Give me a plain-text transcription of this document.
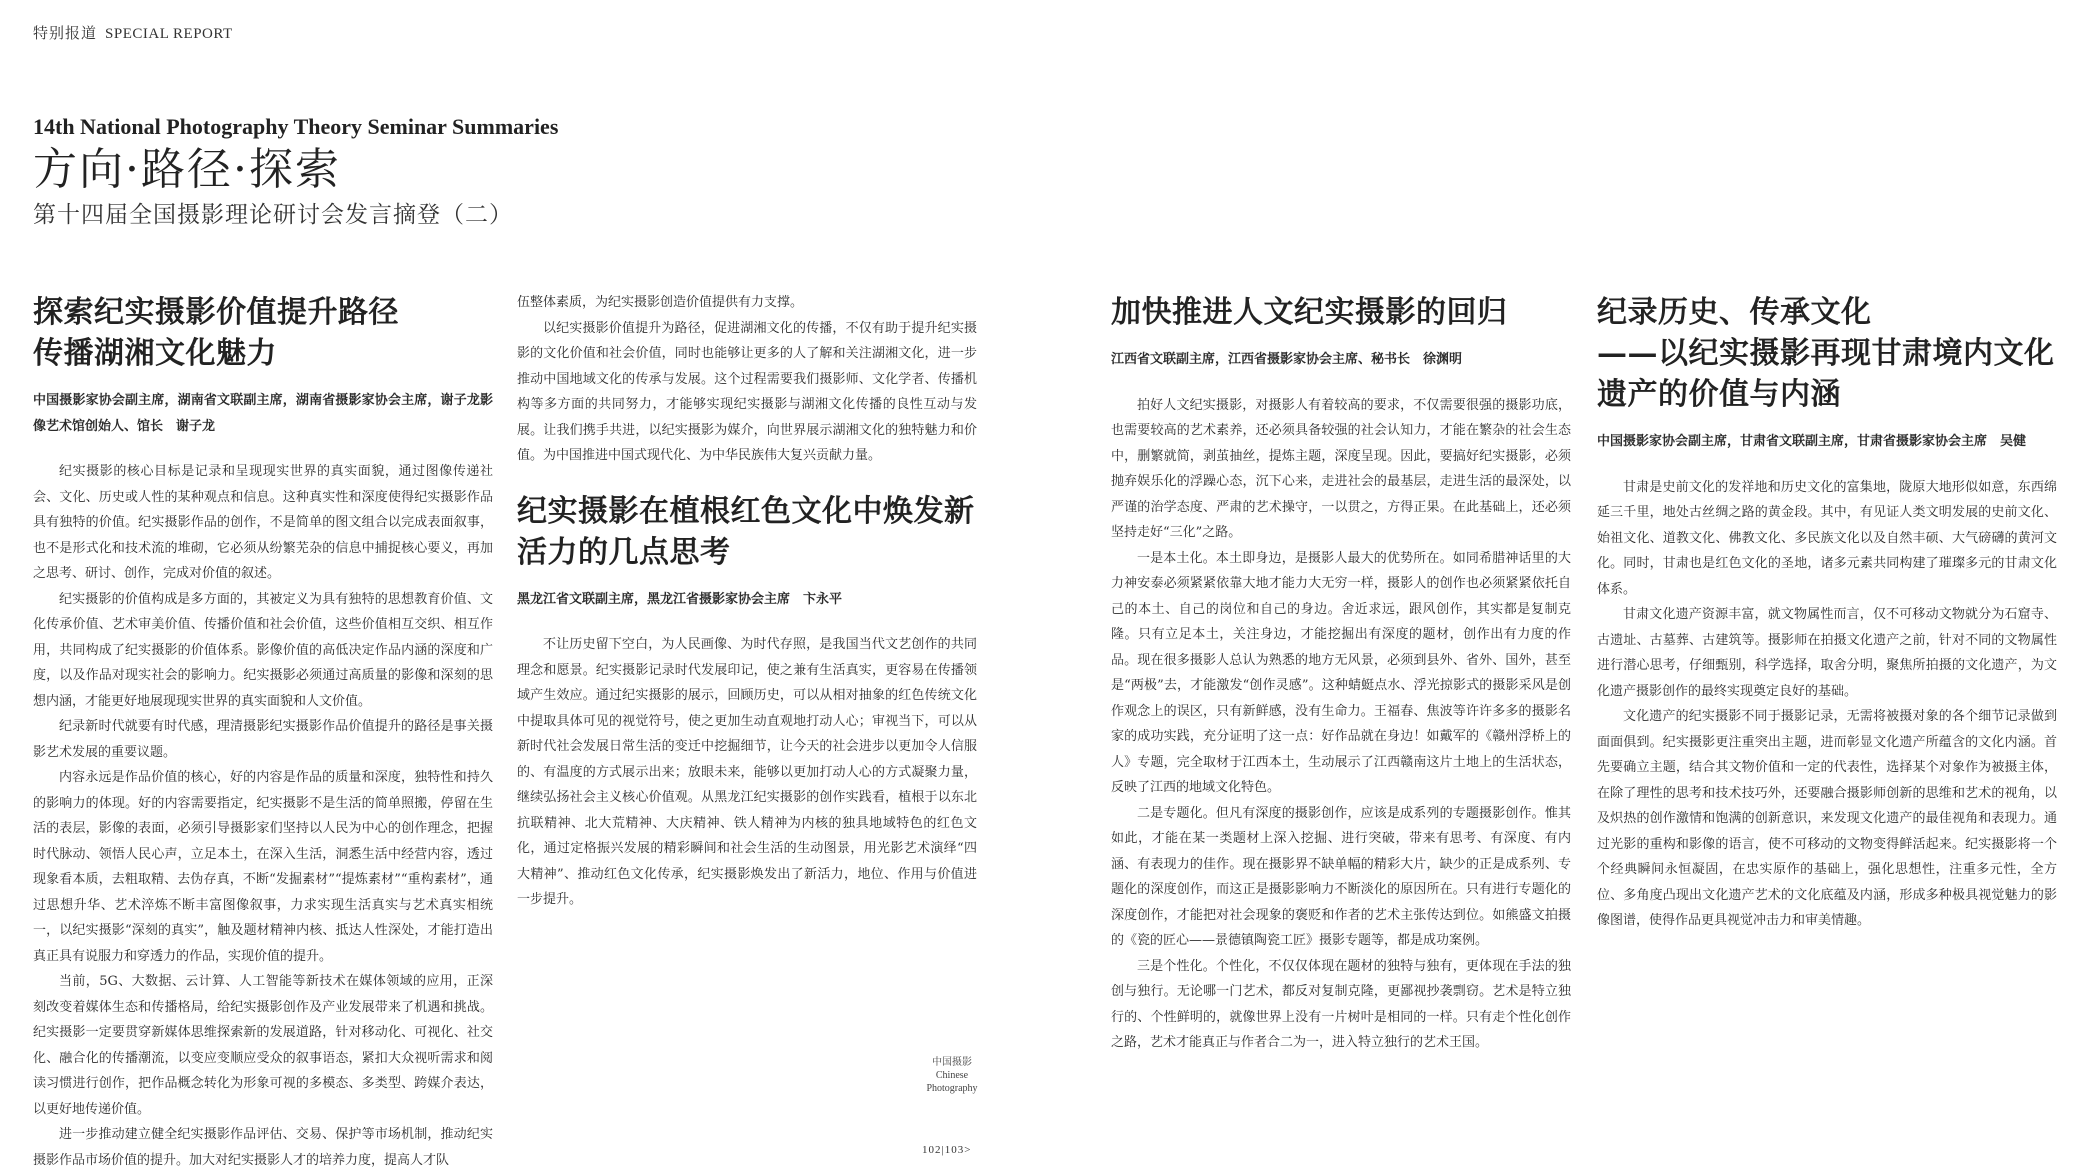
特别报道 SPECIAL REPORT
14th National Photography Theory Seminar Summaries
方向·路径·探索
第十四届全国摄影理论研讨会发言摘登（二）
探索纪实摄影价值提升路径
传播湖湘文化魅力
中国摄影家协会副主席，湖南省文联副主席，湖南省摄影家协会主席，谢子龙影像艺术馆创始人、馆长　谢子龙

纪实摄影的核心目标是记录和呈现现实世界的真实面貌，通过图像传递社会、文化、历史或人性的某种观点和信息。这种真实性和深度使得纪实摄影作品具有独特的价值。纪实摄影作品的创作，不是简单的图文组合以完成表面叙事，也不是形式化和技术流的堆砌，它必须从纷繁芜杂的信息中捕捉核心要义，再加之思考、研讨、创作，完成对价值的叙述。

纪实摄影的价值构成是多方面的，其被定义为具有独特的思想教育价值、文化传承价值、艺术审美价值、传播价值和社会价值，这些价值相互交织、相互作用，共同构成了纪实摄影的价值体系。影像价值的高低决定作品内涵的深度和广度，以及作品对现实社会的影响力。纪实摄影必须通过高质量的影像和深刻的思想内涵，才能更好地展现现实世界的真实面貌和人文价值。

纪录新时代就要有时代感，理清摄影纪实摄影作品价值提升的路径是事关摄影艺术发展的重要议题。

内容永远是作品价值的核心，好的内容是作品的质量和深度，独特性和持久的影响力的体现。好的内容需要指定，纪实摄影不是生活的简单照搬，停留在生活的表层，影像的表面，必须引导摄影家们坚持以人民为中心的创作理念，把握时代脉动、领悟人民心声，立足本土，在深入生活，洞悉生活中经营内容，透过现象看本质，去粗取精、去伪存真，不断“发掘素材”“提炼素材”“重构素材”，通过思想升华、艺术淬炼不断丰富图像叙事，力求实现生活真实与艺术真实相统一，以纪实摄影“深刻的真实”，触及题材精神内核、抵达人性深处，才能打造出真正具有说服力和穿透力的作品，实现价值的提升。

当前，5G、大数据、云计算、人工智能等新技术在媒体领域的应用，正深刻改变着媒体生态和传播格局，给纪实摄影创作及产业发展带来了机遇和挑战。纪实摄影一定要贯穿新媒体思维探索新的发展道路，针对移动化、可视化、社交化、融合化的传播潮流，以变应变顺应受众的叙事语态，紧扣大众视听需求和阅读习惯进行创作，把作品概念转化为形象可视的多模态、多类型、跨媒介表达，以更好地传递价值。

进一步推动建立健全纪实摄影作品评估、交易、保护等市场机制，推动纪实摄影作品市场价值的提升。加大对纪实摄影人才的培养力度，提高人才队

伍整体素质，为纪实摄影创造价值提供有力支撑。

以纪实摄影价值提升为路径，促进湖湘文化的传播，不仅有助于提升纪实摄影的文化价值和社会价值，同时也能够让更多的人了解和关注湖湘文化，进一步推动中国地域文化的传承与发展。这个过程需要我们摄影师、文化学者、传播机构等多方面的共同努力，才能够实现纪实摄影与湖湘文化传播的良性互动与发展。让我们携手共进，以纪实摄影为媒介，向世界展示湖湘文化的独特魅力和价值。为中国推进中国式现代化、为中华民族伟大复兴贡献力量。

纪实摄影在植根红色文化中焕发新
活力的几点思考
黑龙江省文联副主席，黑龙江省摄影家协会主席　卞永平

不让历史留下空白，为人民画像、为时代存照，是我国当代文艺创作的共同理念和愿景。纪实摄影记录时代发展印记，使之兼有生活真实，更容易在传播领域产生效应。通过纪实摄影的展示，回顾历史，可以从相对抽象的红色传统文化中提取具体可见的视觉符号，使之更加生动直观地打动人心；审视当下，可以从新时代社会发展日常生活的变迁中挖掘细节，让今天的社会进步以更加令人信服的、有温度的方式展示出来；放眼未来，能够以更加打动人心的方式凝聚力量，继续弘扬社会主义核心价值观。从黑龙江纪实摄影的创作实践看，植根于以东北抗联精神、北大荒精神、大庆精神、铁人精神为内核的独具地域特色的红色文化，通过定格振兴发展的精彩瞬间和社会生活的生动图景，用光影艺术演绎“四大精神”、推动红色文化传承，纪实摄影焕发出了新活力，地位、作用与价值进一步提升。

加快推进人文纪实摄影的回归
江西省文联副主席，江西省摄影家协会主席、秘书长　徐渊明

拍好人文纪实摄影，对摄影人有着较高的要求，不仅需要很强的摄影功底，也需要较高的艺术素养，还必须具备较强的社会认知力，才能在繁杂的社会生态中，删繁就简，剥茧抽丝，提炼主题，深度呈现。因此，要搞好纪实摄影，必须抛弃娱乐化的浮躁心态，沉下心来，走进社会的最基层，走进生活的最深处，以严谨的治学态度、严肃的艺术操守，一以贯之，方得正果。在此基础上，还必须坚持走好“三化”之路。

一是本土化。本土即身边，是摄影人最大的优势所在。如同希腊神话里的大力神安泰必须紧紧依靠大地才能力大无穷一样，摄影人的创作也必须紧紧依托自己的本土、自己的岗位和自己的身边。舍近求远，跟风创作，其实都是复制克隆。只有立足本土，关注身边，才能挖掘出有深度的题材，创作出有力度的作品。现在很多摄影人总认为熟悉的地方无风景，必须到县外、省外、国外，甚至是“两极”去，才能激发“创作灵感”。这种蜻蜓点水、浮光掠影式的摄影采风是创作观念上的误区，只有新鲜感，没有生命力。王福春、焦波等许许多多的摄影名家的成功实践，充分证明了这一点：好作品就在身边！如戴军的《赣州浮桥上的人》专题，完全取材于江西本土，生动展示了江西赣南这片土地上的生活状态，反映了江西的地域文化特色。

二是专题化。但凡有深度的摄影创作，应该是成系列的专题摄影创作。惟其如此，才能在某一类题材上深入挖掘、进行突破，带来有思考、有深度、有内涵、有表现力的佳作。现在摄影界不缺单幅的精彩大片，缺少的正是成系列、专题化的深度创作，而这正是摄影影响力不断淡化的原因所在。只有进行专题化的深度创作，才能把对社会现象的褒贬和作者的艺术主张传达到位。如熊盛文拍摄的《瓷的匠心——景德镇陶瓷工匠》摄影专题等，都是成功案例。

三是个性化。个性化，不仅仅体现在题材的独特与独有，更体现在手法的独创与独行。无论哪一门艺术，都反对复制克隆，更鄙视抄袭剽窃。艺术是特立独行的、个性鲜明的，就像世界上没有一片树叶是相同的一样。只有走个性化创作之路，艺术才能真正与作者合二为一，进入特立独行的艺术王国。

纪录历史、传承文化
——以纪实摄影再现甘肃境内文化
遗产的价值与内涵
中国摄影家协会副主席，甘肃省文联副主席，甘肃省摄影家协会主席　吴健

甘肃是史前文化的发祥地和历史文化的富集地，陇原大地形似如意，东西绵延三千里，地处古丝绸之路的黄金段。其中，有见证人类文明发展的史前文化、始祖文化、道教文化、佛教文化、多民族文化以及自然丰硕、大气磅礴的黄河文化。同时，甘肃也是红色文化的圣地，诸多元素共同构建了璀璨多元的甘肃文化体系。

甘肃文化遗产资源丰富，就文物属性而言，仅不可移动文物就分为石窟寺、古遗址、古墓葬、古建筑等。摄影师在拍摄文化遗产之前，针对不同的文物属性进行潜心思考，仔细甄别，科学选择，取舍分明，聚焦所拍摄的文化遗产，为文化遗产摄影创作的最终实现奠定良好的基础。

文化遗产的纪实摄影不同于摄影记录，无需将被摄对象的各个细节记录做到面面俱到。纪实摄影更注重突出主题，进而彰显文化遗产所蕴含的文化内涵。首先要确立主题，结合其文物价值和一定的代表性，选择某个对象作为被摄主体，在除了理性的思考和技术技巧外，还要融合摄影师创新的思维和艺术的视角，以及炽热的创作激情和饱满的创新意识，来发现文化遗产的最佳视角和表现力。通过光影的重构和影像的语言，使不可移动的文物变得鲜活起来。纪实摄影将一个个经典瞬间永恒凝固，在忠实原作的基础上，强化思想性，注重多元性，全方位、多角度凸现出文化遗产艺术的文化底蕴及内涵，形成多种极具视觉魅力的影像图谱，使得作品更具视觉冲击力和审美情趣。

中国摄影
Chinese
Photography
102|103>
